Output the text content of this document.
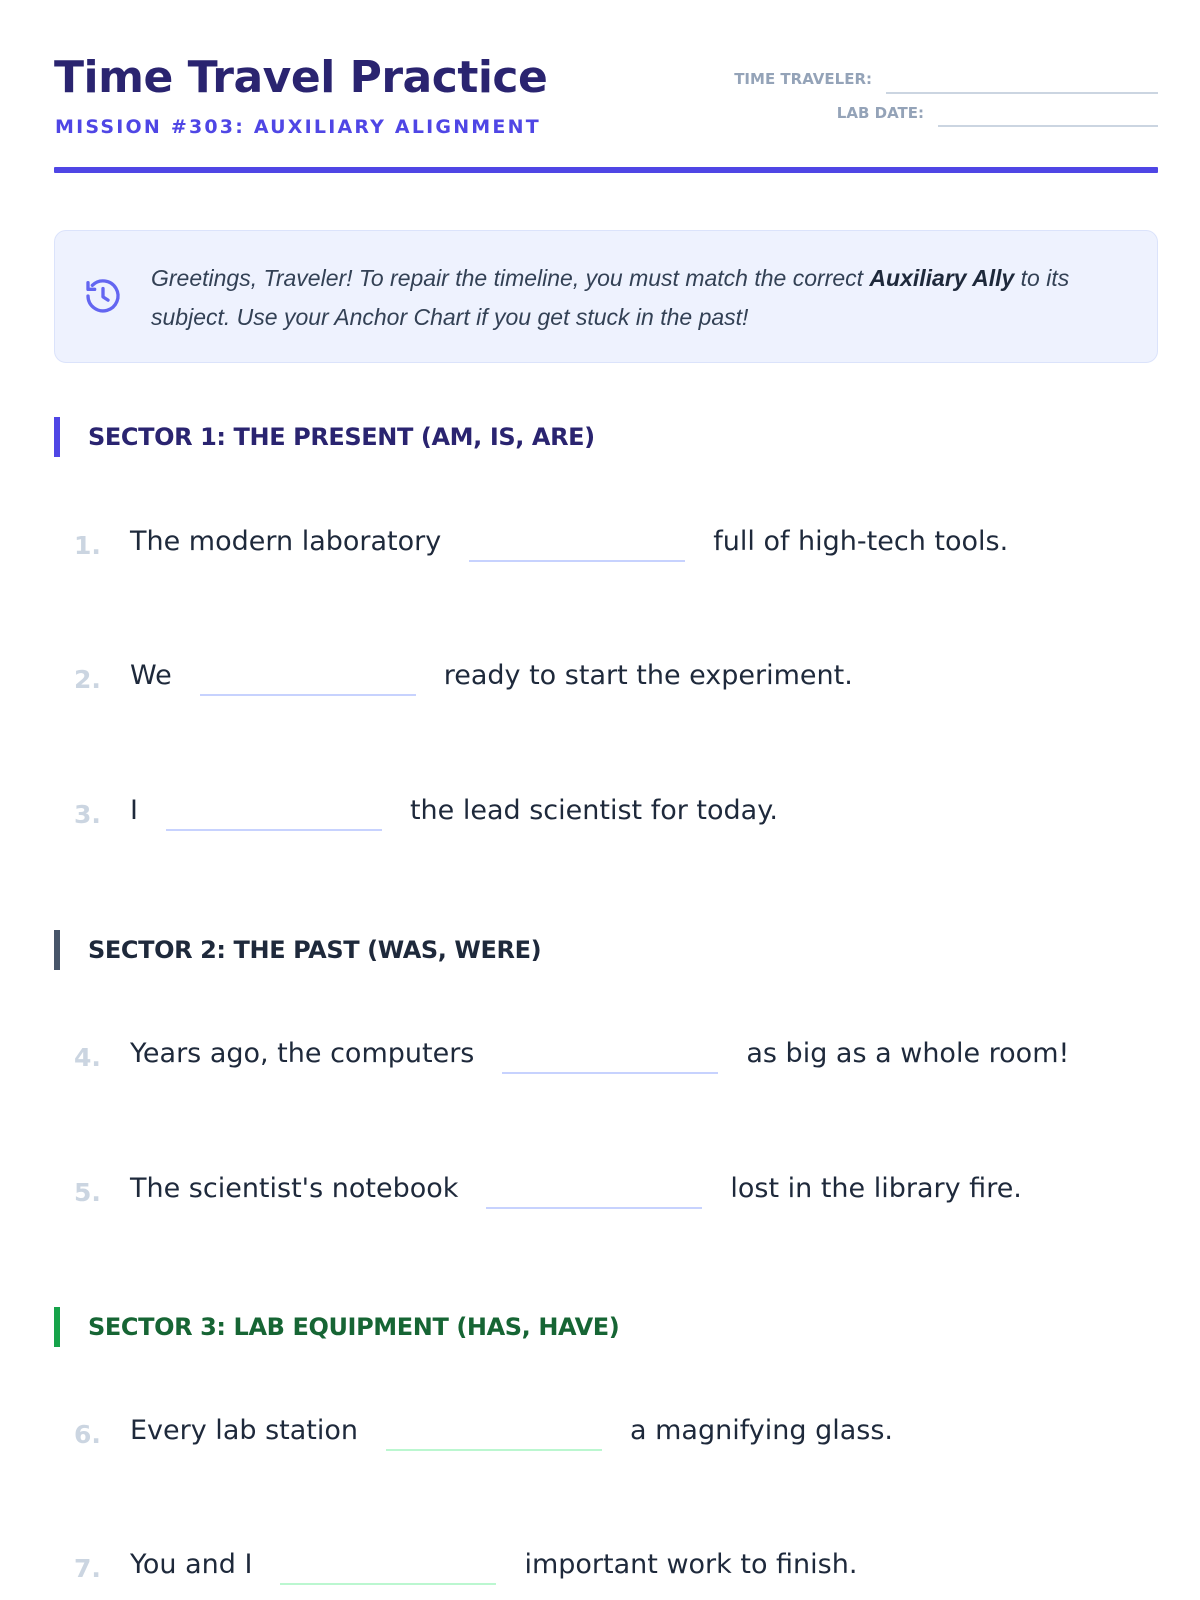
Time Travel Practice
MISSION #303: AUXILIARY ALIGNMENT
TIME TRAVELER:
LAB DATE:
Greetings, Traveler! To repair the timeline, you must match the correct Auxiliary Ally to its subject. Use your Anchor Chart if you get stuck in the past!
SECTOR 1: THE PRESENT (AM, IS, ARE)
1.	The modern laboratory	full of high-tech tools.
2.	We	ready to start the experiment.
3.	I	the lead scientist for today.
SECTOR 2: THE PAST (WAS, WERE)
4.	Years ago, the computers	as big as a whole room!
5.	The scientist's notebook	lost in the library fire.
SECTOR 3: LAB EQUIPMENT (HAS, HAVE)
6.	Every lab station	a magnifying glass.
7.	You and I	important work to finish.
